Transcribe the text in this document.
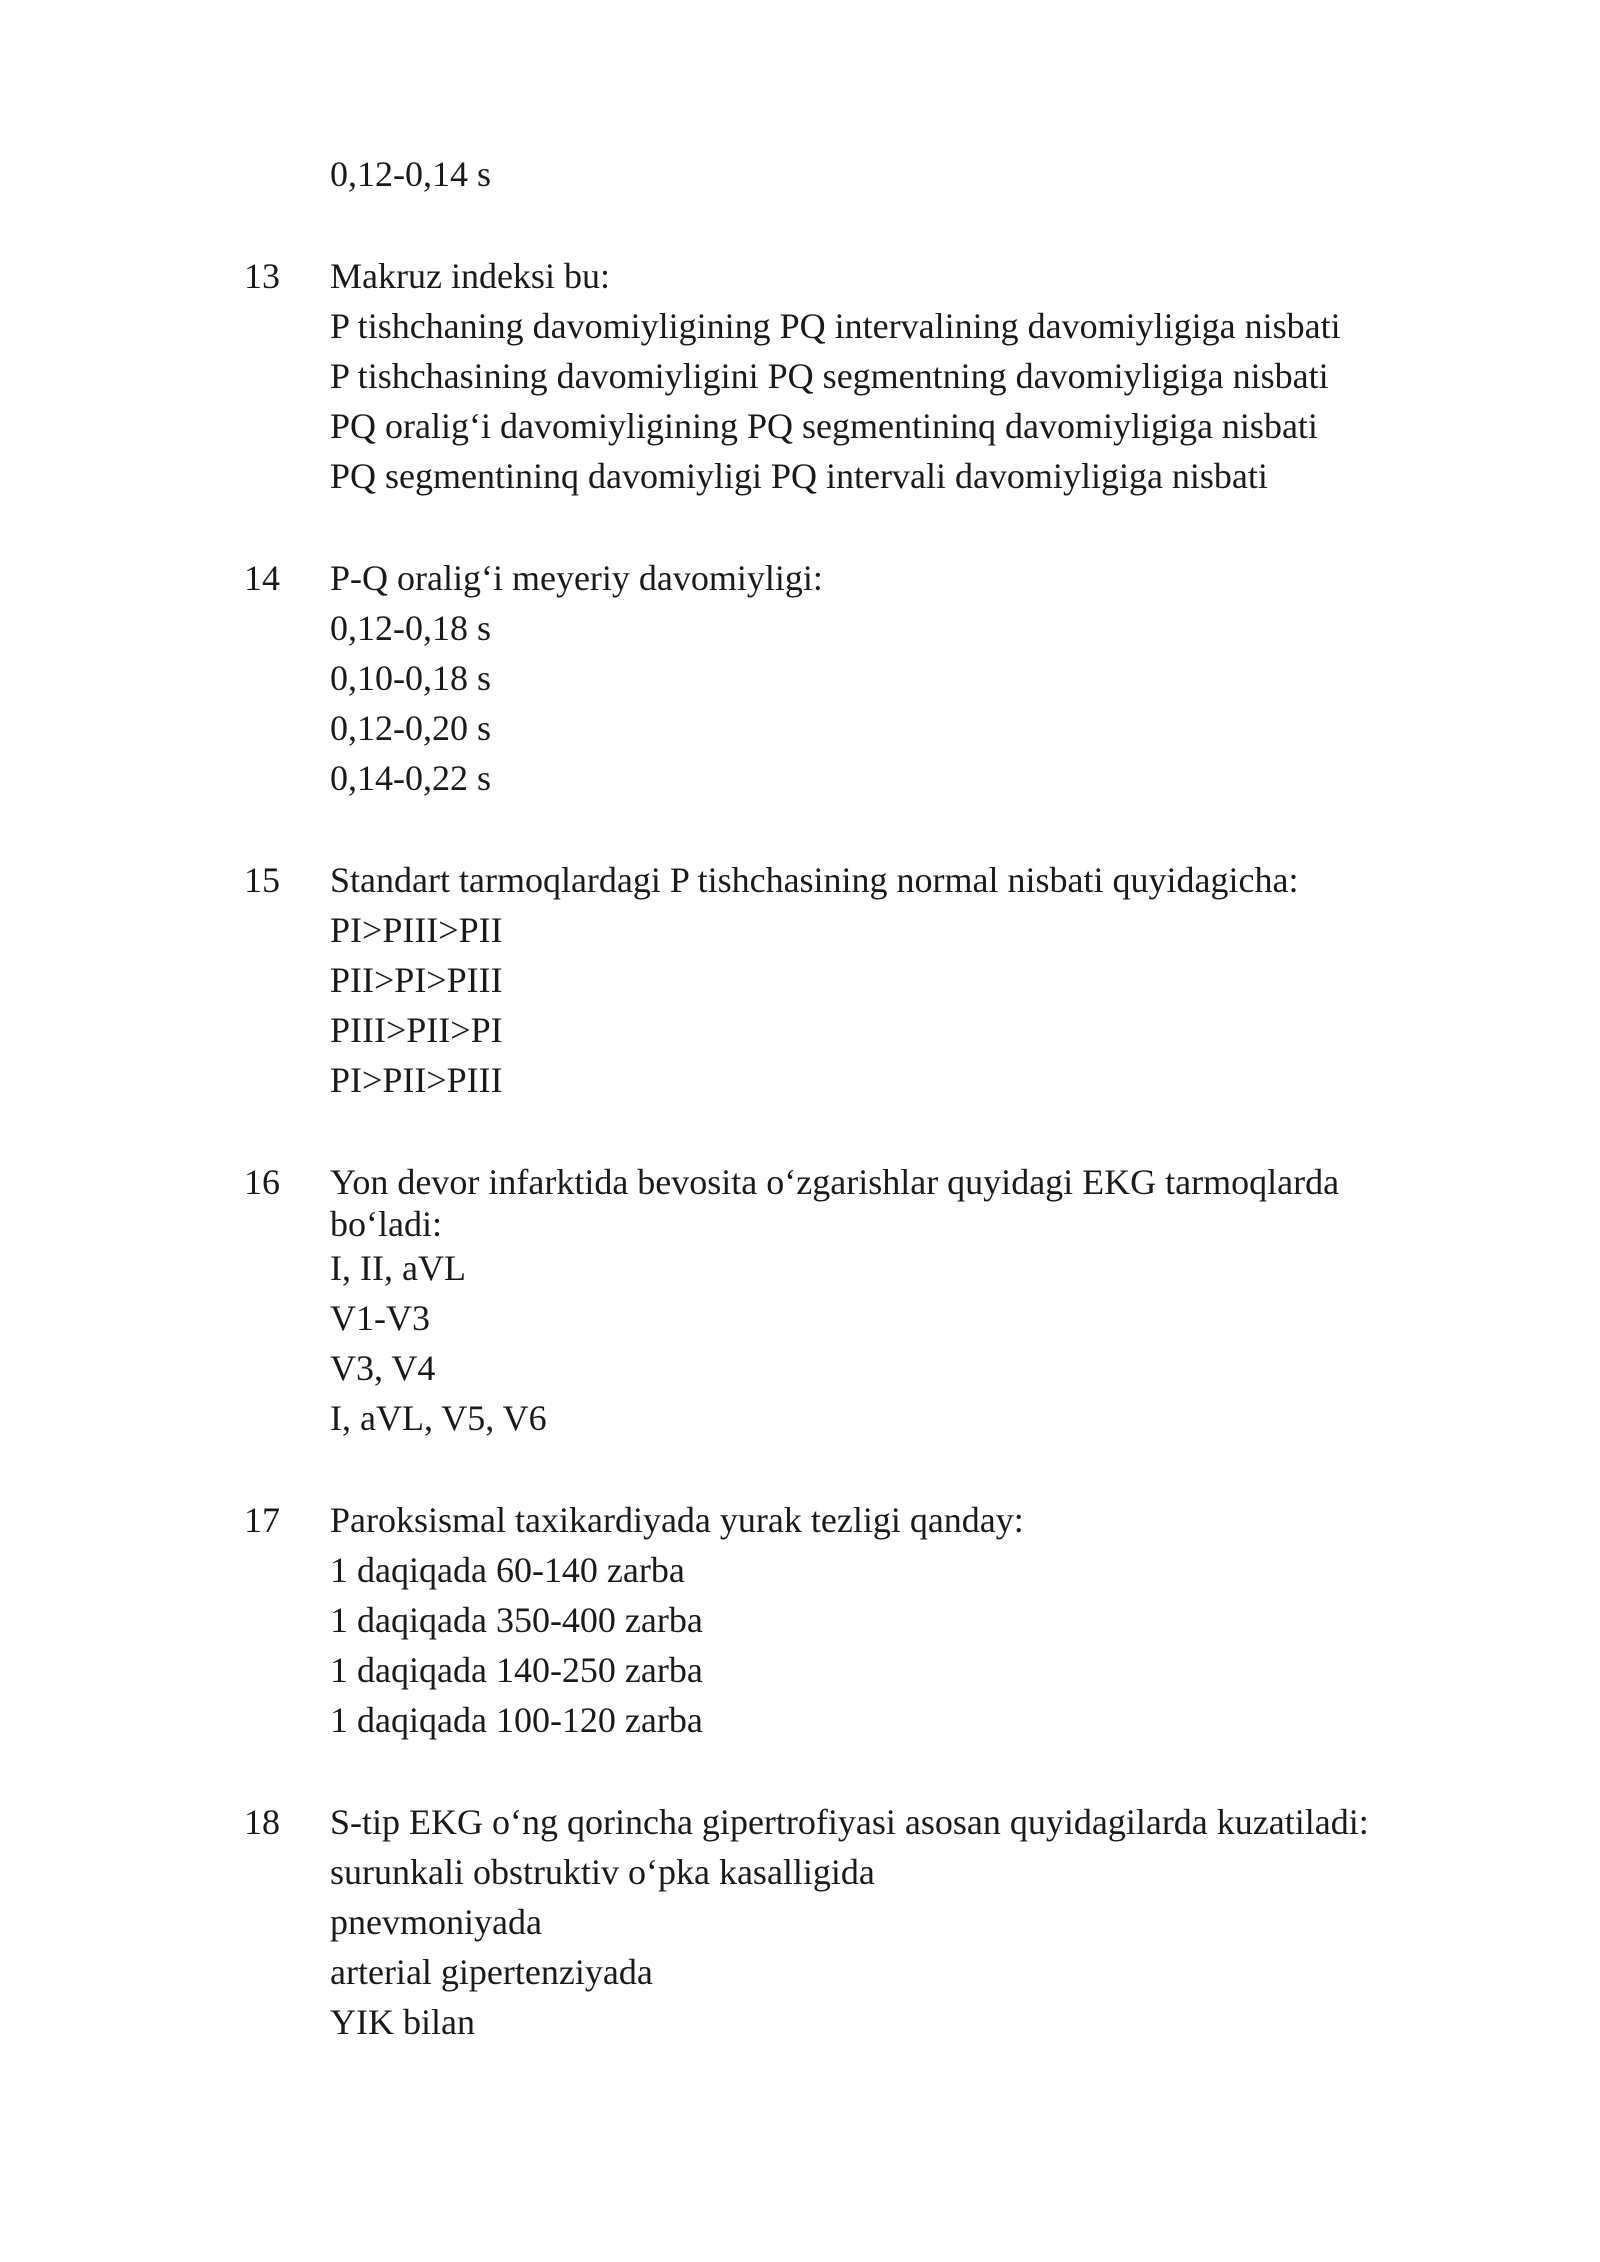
0,12-0,14 s
13 Makruz indeksi bu:
P tishchaning davomiyligining PQ intervalining davomiyligiga nisbati
P tishchasining davomiyligini PQ segmentning davomiyligiga nisbati
PQ oralig‘i davomiyligining PQ segmentininq davomiyligiga nisbati
PQ segmentininq davomiyligi PQ intervali davomiyligiga nisbati
14 P-Q oralig‘i meyeriy davomiyligi:
0,12-0,18 s
0,10-0,18 s
0,12-0,20 s
0,14-0,22 s
15 Standart tarmoqlardagi P tishchasining normal nisbati quyidagicha:
PI>PIII>PII
PII>PI>PIII
PIII>PII>PI
PI>PII>PIII
16 Yon devor infarktida bevosita o‘zgarishlar quyidagi EKG tarmoqlarda
bo‘ladi:
I, II, aVL
V1-V3
V3, V4
I, aVL, V5, V6
17 Paroksismal taxikardiyada yurak tezligi qanday:
1 daqiqada 60-140 zarba
1 daqiqada 350-400 zarba
1 daqiqada 140-250 zarba
1 daqiqada 100-120 zarba
18 S-tip EKG o‘ng qorincha gipertrofiyasi asosan quyidagilarda kuzatiladi:
surunkali obstruktiv o‘pka kasalligida
pnevmoniyada
arterial gipertenziyada
YIK bilan
